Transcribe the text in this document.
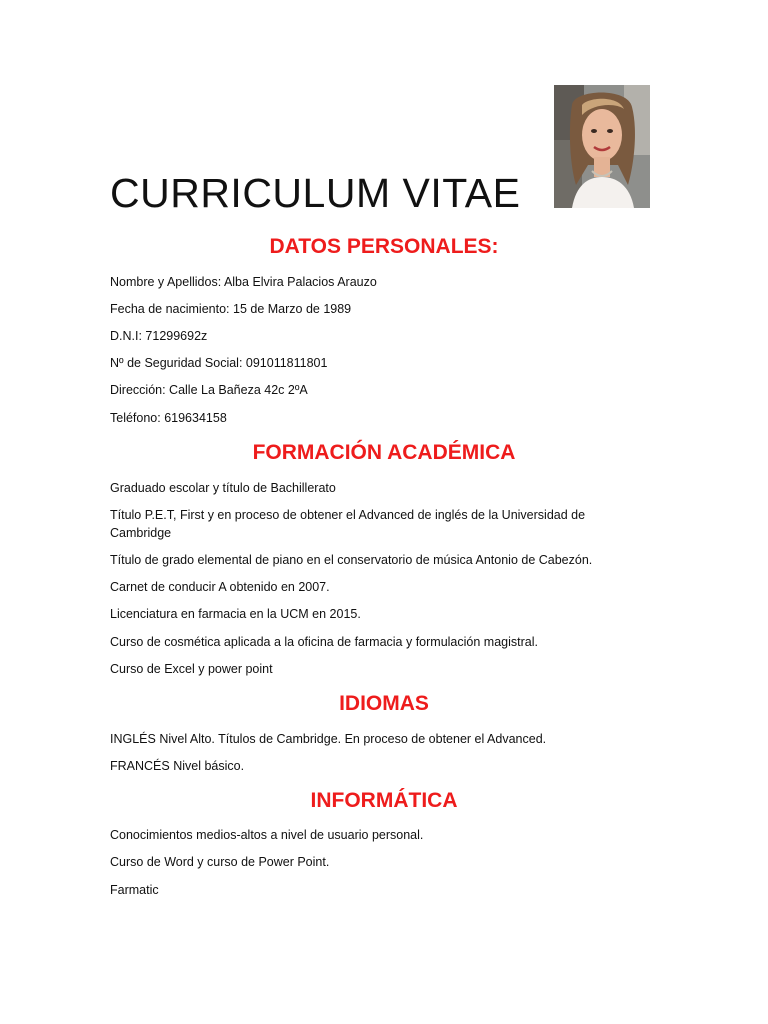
CURRICULUM VITAE
DATOS PERSONALES:
Nombre y Apellidos: Alba Elvira Palacios Arauzo
Fecha de nacimiento: 15 de Marzo de 1989
D.N.I: 71299692z
Nº de Seguridad Social: 091011811801
Dirección: Calle La Bañeza 42c 2ºA
Teléfono: 619634158
FORMACIÓN ACADÉMICA
Graduado escolar y título de Bachillerato
Título P.E.T, First y en proceso de obtener el Advanced de inglés de la Universidad de Cambridge
Título de grado elemental de piano en el conservatorio de música Antonio de Cabezón.
Carnet de conducir A obtenido en 2007.
Licenciatura en farmacia en la UCM en 2015.
Curso de cosmética aplicada a la oficina de farmacia y formulación magistral.
Curso de Excel y power point
IDIOMAS
INGLÉS Nivel Alto. Títulos de Cambridge. En proceso de obtener el Advanced.
FRANCÉS Nivel básico.
INFORMÁTICA
Conocimientos medios-altos a nivel de usuario personal.
Curso de Word y curso de Power Point.
Farmatic
